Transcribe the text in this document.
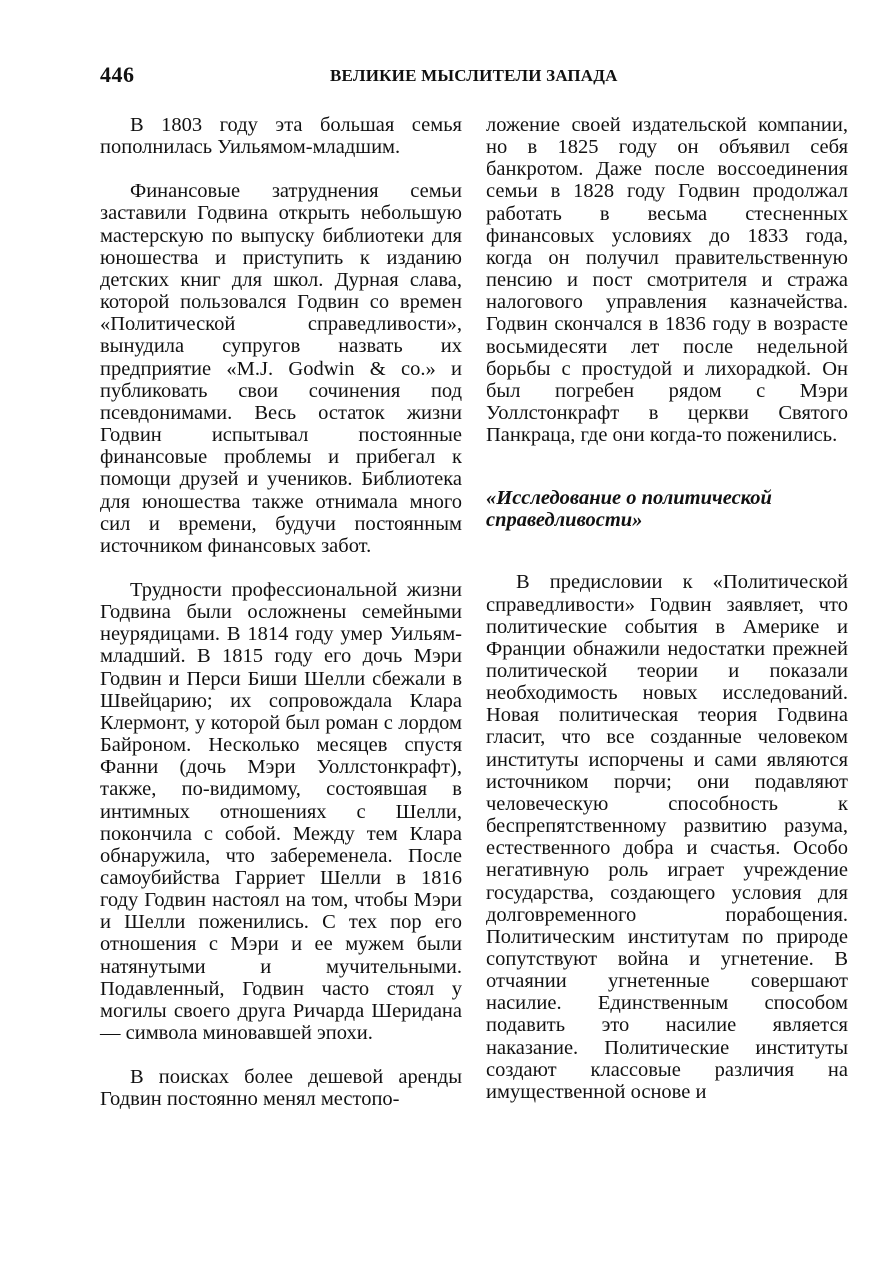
446	ВЕЛИКИЕ МЫСЛИТЕЛИ ЗАПАДА

В 1803 году эта большая семья пополнилась Уильямом-младшим.

Финансовые затруднения семьи заставили Годвина открыть небольшую мастерскую по выпуску библиотеки для юношества и приступить к изданию детских книг для школ. Дурная слава, которой пользовался Годвин со времен «Политической справедливости», вынудила супругов назвать их предприятие «M.J. Godwin & co.» и публиковать свои сочинения под псевдонимами. Весь остаток жизни Годвин испытывал постоянные финансовые проблемы и прибегал к помощи друзей и учеников. Библиотека для юношества также отнимала много сил и времени, будучи постоянным источником финансовых забот.

Трудности профессиональной жизни Годвина были осложнены семейными неурядицами. В 1814 году умер Уильям-младший. В 1815 году его дочь Мэри Годвин и Перси Биши Шелли сбежали в Швейцарию; их сопровождала Клара Клермонт, у которой был роман с лордом Байроном. Несколько месяцев спустя Фанни (дочь Мэри Уоллстонкрафт), также, по-видимому, состоявшая в интимных отношениях с Шелли, покончила с собой. Между тем Клара обнаружила, что забеременела. После самоубийства Гарриет Шелли в 1816 году Годвин настоял на том, чтобы Мэри и Шелли поженились. С тех пор его отношения с Мэри и ее мужем были натянутыми и мучительными. Подавленный, Годвин часто стоял у могилы своего друга Ричарда Шеридана — символа миновавшей эпохи.

В поисках более дешевой аренды Годвин постоянно менял местопо-

ложение своей издательской компании, но в 1825 году он объявил себя банкротом. Даже после воссоединения семьи в 1828 году Годвин продолжал работать в весьма стесненных финансовых условиях до 1833 года, когда он получил правительственную пенсию и пост смотрителя и стража налогового управления казначейства. Годвин скончался в 1836 году в возрасте восьмидесяти лет после недельной борьбы с простудой и лихорадкой. Он был погребен рядом с Мэри Уоллстонкрафт в церкви Святого Панкраца, где они когда-то поженились.

«Исследование о политической справедливости»

В предисловии к «Политической справедливости» Годвин заявляет, что политические события в Америке и Франции обнажили недостатки прежней политической теории и показали необходимость новых исследований. Новая политическая теория Годвина гласит, что все созданные человеком институты испорчены и сами являются источником порчи; они подавляют человеческую способность к беспрепятственному развитию разума, естественного добра и счастья. Особо негативную роль играет учреждение государства, создающего условия для долговременного порабощения. Политическим институтам по природе сопутствуют война и угнетение. В отчаянии угнетенные совершают насилие. Единственным способом подавить это насилие является наказание. Политические институты создают классовые различия на имущественной основе и
